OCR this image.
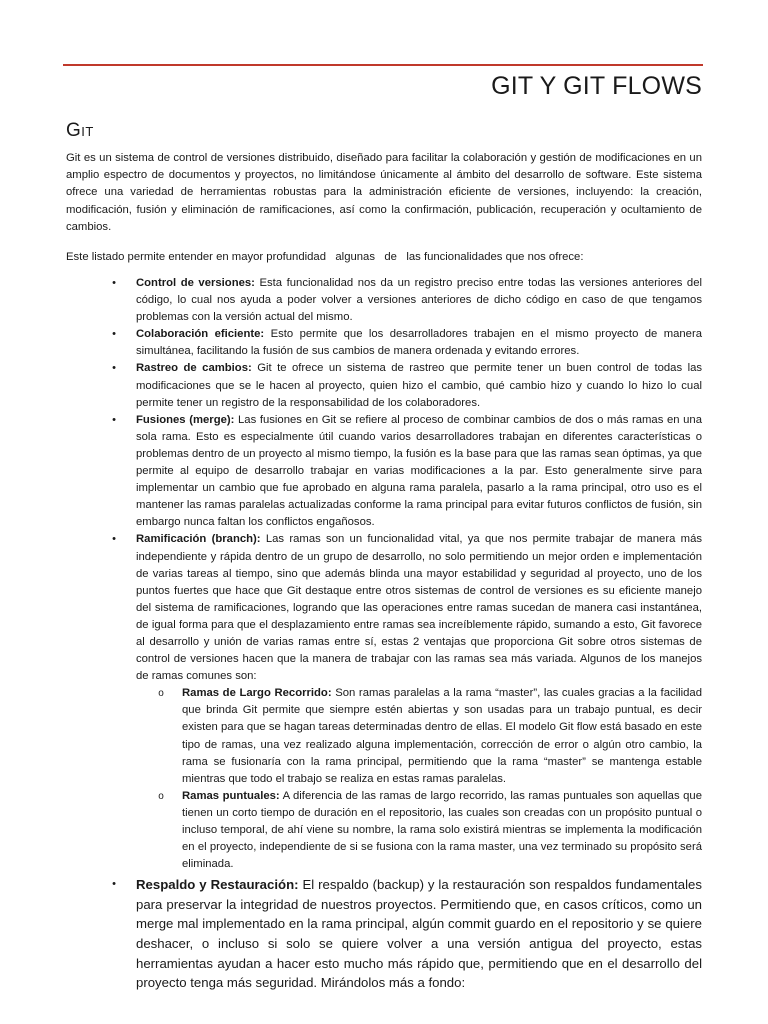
GIT Y GIT FLOWS
Git

Git es un sistema de control de versiones distribuido, diseñado para facilitar la colaboración y gestión de modificaciones en un amplio espectro de documentos y proyectos, no limitándose únicamente al ámbito del desarrollo de software. Este sistema ofrece una variedad de herramientas robustas para la administración eficiente de versiones, incluyendo: la creación, modificación, fusión y eliminación de ramificaciones, así como la confirmación, publicación, recuperación y ocultamiento de cambios.

Este listado permite entender en mayor profundidad   algunas   de   las funcionalidades que nos ofrece:

•	Control de versiones: Esta funcionalidad nos da un registro preciso entre todas las versiones anteriores del código, lo cual nos ayuda a poder volver a versiones anteriores de dicho código en caso de que tengamos problemas con la versión actual del mismo.
•	Colaboración eficiente: Esto permite que los desarrolladores trabajen en el mismo proyecto de manera simultánea, facilitando la fusión de sus cambios de manera ordenada y evitando errores.
•	Rastreo de cambios: Git te ofrece un sistema de rastreo que permite tener un buen control de todas las modificaciones que se le hacen al proyecto, quien hizo el cambio, qué cambio hizo y cuando lo hizo lo cual permite tener un registro de la responsabilidad de los colaboradores.
•	Fusiones (merge): Las fusiones en Git se refiere al proceso de combinar cambios de dos o más ramas en una sola rama. Esto es especialmente útil cuando varios desarrolladores trabajan en diferentes características o problemas dentro de un proyecto al mismo tiempo, la fusión es la base para que las ramas sean óptimas, ya que permite al equipo de desarrollo trabajar en varias modificaciones a la par. Esto generalmente sirve para implementar un cambio que fue aprobado en alguna rama paralela, pasarlo a la rama principal, otro uso es el mantener las ramas paralelas actualizadas conforme la rama principal para evitar futuros conflictos de fusión, sin embargo nunca faltan los conflictos engañosos.
•	Ramificación (branch): Las ramas son un funcionalidad vital, ya que nos permite trabajar de manera más independiente y rápida dentro de un grupo de desarrollo, no solo permitiendo un mejor orden e implementación de varias tareas al tiempo, sino que además blinda una mayor estabilidad y seguridad al proyecto, uno de los puntos fuertes que hace que Git destaque entre otros sistemas de control de versiones es su eficiente manejo del sistema de ramificaciones, logrando que las operaciones entre ramas sucedan de manera casi instantánea, de igual forma para que el desplazamiento entre ramas sea increíblemente rápido, sumando a esto, Git favorece al desarrollo y unión de varias ramas entre sí, estas 2 ventajas que proporciona Git sobre otros sistemas de control de versiones hacen que la manera de trabajar con las ramas sea más variada. Algunos de los manejos de ramas comunes son:
o Ramas de Largo Recorrido: Son ramas paralelas a la rama “master”, las cuales gracias a la facilidad que brinda Git permite que siempre estén abiertas y son usadas para un trabajo puntual, es decir existen para que se hagan tareas determinadas dentro de ellas. El modelo Git flow está basado en este tipo de ramas, una vez realizado alguna implementación, corrección de error o algún otro cambio, la rama se fusionaría con la rama principal, permitiendo que la rama “master” se mantenga estable mientras que todo el trabajo se realiza en estas ramas paralelas.
o Ramas puntuales: A diferencia de las ramas de largo recorrido, las ramas puntuales son aquellas que tienen un corto tiempo de duración en el repositorio, las cuales son creadas con un propósito puntual o incluso temporal, de ahí viene su nombre, la rama solo existirá mientras se implementa la modificación en el proyecto, independiente de si se fusiona con la rama master, una vez terminado su propósito será eliminada.
•	Respaldo y Restauración: El respaldo (backup) y la restauración son respaldos fundamentales para preservar la integridad de nuestros proyectos. Permitiendo que, en casos críticos, como un merge mal implementado en la rama principal, algún commit guardo en el repositorio y se quiere deshacer, o incluso si solo se quiere volver a una versión antigua del proyecto, estas herramientas ayudan a hacer esto mucho más rápido que, permitiendo que en el desarrollo del proyecto tenga más seguridad. Mirándolos más a fondo:
